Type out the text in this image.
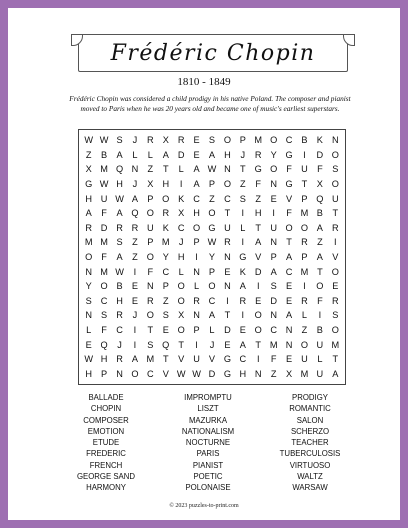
Frédéric Chopin
1810 - 1849
Frédéric Chopin was considered a child prodigy in his native Poland. The composer and pianist moved to Paris when he was 20 years old and became one of music's earliest superstars.
W W S	J	R X R E	S O P M O C B	K N
Z	B	A	L	L	A D E	A H	J	R Y G	I	D O
X M Q N	Z	T	L	A W N	T G O F	U	F	S
G W H	J	X H	I	A	P O Z	F	N G T	X O
H U W A	P O K C	Z	C S	Z	E	V	P Q U
A	F	A Q O R X H O T	I	H	I	F M B	T
R D R R U K C O G U	L	T	U O O A R
M M S	Z	P M	J	P W R	I	A N	T	R	Z	I
O F	A	Z O Y H	I	Y N G V	P	A	P	A	V
N M W	I	F	C	L	N P	E	K D A C M T O
Y O B	E N P O	L	O N A	I	S	E	I	O E
S C H E R	Z O R C	I	R E D E R	F	R
N S R	J	O S	X N A	T	I	O N A	L	I	S
L	F	C	I	T	E O P	L	D E O C N	Z	B O
E Q	J	I	S Q T	I	J	E	A	T M N O U M
W H R A M T	V U V G C	I	F	E U	L	T
H P N O C V W W D G H N	Z	X M U A
BALLADE
CHOPIN
COMPOSER
EMOTION
ETUDE
FREDERIC
FRENCH
GEORGE SAND
HARMONY
IMPROMPTU
LISZT
MAZURKA
NATIONALISM
NOCTURNE
PARIS
PIANIST
POETIC
POLONAISE
PRODIGY
ROMANTIC
SALON
SCHERZO
TEACHER
TUBERCULOSIS
VIRTUOSO
WALTZ
WARSAW
© 2023 puzzles-to-print.com
